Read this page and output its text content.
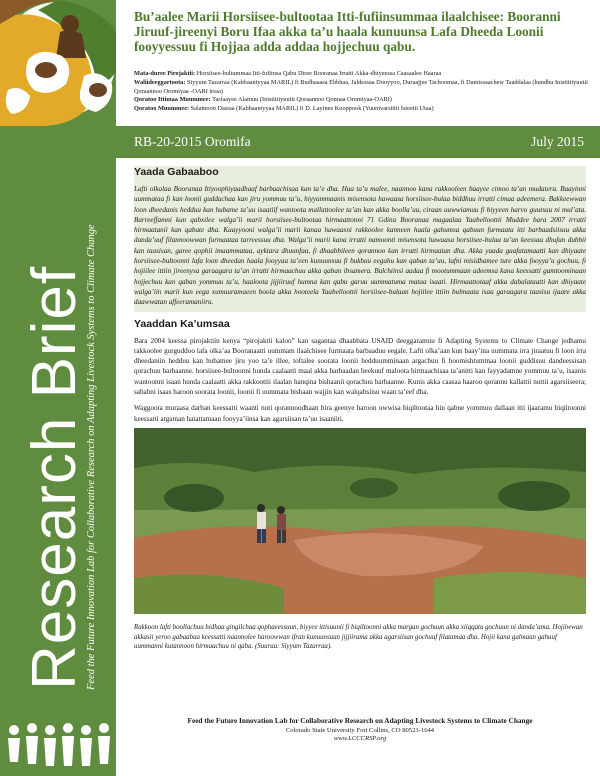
Research Brief
Feed the Future Innovation Lab for Collaborative Research on Adapting Livestock Systems to Climate Change
Bu’aalee Marii Horsiisee-bultootaa Itti-fufiinsummaa ilaalchisee: Booranni Jiruuf-jireenyi Boru Ifaa akka ta’u haala kunuunsa Lafa Dheeda Loonii fooyyessuu fi Hojjaa adda addaa hojjechuu qabu.
Mata-duree Pirojaktii: Horsiisee-bultummaa Itti-fufiinsa Qabu Diree Booranaa Irratti Akka-dhiyeessa Caasaalee Haaraa
Waliideeggartoota: Siyyum Tazarraa (Kabbaaniyyaa MARIL) fi Budhaaasa Ebbhaa, Jaldessaa Dooyyoo, Duraajjee Tachoomaa, fi Damissaachew Taaddalaa (hundhu Inistitiiyuutii Qoraannoo Oromiyaa -OARI irraa)
Qoratoo Ittimaa Muummee: Tarfaayee Alamuu (Inistitiiyuutii Qoraannoo Qonnaa Oromiyaa-OARI)
Qoratoo Muummee: Salamoon Dastaa (Kabbaaniyyaa MARIL) fi D. Layinee Kooppook (Yuunivarsiitii Isteetii Utaa)
RB-20-2015 Oromifa	July 2015
Yaada Gabaaboo

Lafti olkalaa Booranaa Itiyoophiyaadhaaf barbaachisaa kan ta’e dha. Haa ta’u malee, naannoo kana rakkooleen baayee cimoo ta’an mudatera. Baayinni uummataa fi kan loonii guddachaa kan jiru yommuu ta’u, hiyyummaanis misensota hawaasa horsiisee-bulaa biddhuu irratti cimaa adeemera. Bakkeewwan loon dheedanis hedduu kan hubame ta’uu isaatiif wantoota mallattoolee ta’an kan akka boolla’uu, ciraan uuwwiamuu fi biyyeen harvo guutsuu ni mul’ata. Barreeffamni kun qabxilee walga’ii marii horsiisee-bultootaa hirmaattonni 71 Gdina Booranaa magaalaa Yaabelloottii Muddee bara 2007 irratti hirmaatanii kan qabate dha. Kaayyooni walga’ii marii kanaa hawaasni rakkoolee kanneen haala gahumsa qabuun furmaata itti barbaadsiisuu akka danda’uuf filannoowwan furmaataa tarreessuu dha. Walga’ii marii kana irratti namoonti misensota hawaasa horsiisee-bulaa ta’an keessaa dhufan dubbii kan taasisan, garee qophii imaammataa, ayktara dhuunfaa, fi dhaabbileen qorannoo kan irratti hirmaatan dha. Akka yaada gaafatamaatti kan dhiyaate horsiisee-bultoonni lafa loon dheedan haala fooyyaa ta’een kunuunsuu fi bukbuu eegahu kan qaban ta’uu, lafni misidhamee ture akka fooyya’u gochuu, fi hojiilee ittiin jireenysa garaagara ta’an irratti hirmaachuu akka qaban ibsamera. Bulchiinsi aadaa fi mootummaan adeemsa kana keessatti gamtoominaan hojjechuu kan qaban yommuu ta’u, haaloota jijjiiruuf humna kan qabu garuu uummatuma mataa isaati. Hirmaattotaaf akka dabalataatti kan dhiyaate walga’iin marii kun eega xumuuramaeen boola akka hooteela Yaabelloottii horsiisee-bulaan hojiilee ittiin bulmaata isaa garaagara taasisu ijaare akka daawwatan affeeramaniiru.

Yaaddan Ka’umsaa

Bara 2004 keessa pirojaktiin kenya “pirojaktii kaloo” kan sagantaa dhaabbata USAID deeggaramuu fi Adapting Systems to Climate Change jedhamu rakkoolee gurguddoo lafa olka’aa Booranaatti uummam ilaalchisee furmaata barbaaduu eegale. Lafti olka’aan kun baay’ina uummata irra jiraatuu fi loon irra dheedaniin hedduu kan hubamee jiru yoo ta’e illee, toftalee soorata loonii hedduumminaan argachuu fi hoomishtummaa loonii guddisuu dandeessisan qorachuu barbaanne. horsiisee-bultoonni hunda caalaatti maal akka barbaadan beekuuf maloota hirmaachisaa ta’anitti kan fayyadamne yommuu ta’u, isaanis wantoonni isaan hunda caalaatti akka rakkoottii ilaalan hanqina bishaanii qorachuu barbaanne. Kunis akka caasaa haaroo qorannu kallattii nuttii agarsiiseera; sababni isaas haroon soorata loonii, loonii fi uummata bishaan wajjin kan walqabsiisu waan ta’eef dha.

Waggoota muraasa darban keessatti waanti nuti qorannoodhaan bira geenye haroon uwwisa biqiltootaa hin qabne yommuu dallaan itti ijaaramu biqiltoonni keessatti argaman hatattamaan fooyya’iinsa kan agarsiisan ta’uu isaaniiti.

Rakkoon lafti boollachuu hidhaa gingilchaa qophaeessuun, biyyee ittisuunii fi biqiltoonni akka margan gochuun akka xiiqqatu gochuun ni danda’ama. Hojiiwwan akkasii yeroo gabaabaa keessatti naannolee haroowwan ifran kunuunsuun jijjiirama akka agarsiisan gochuuf filatamaa dha. Hojii kana galmaan gahuuf uummanni kutannoon hirmaachuu ni qaba. (Suuraa: Siyyum Tazarraa).

Feed the Future Innovation Lab for Collaborative Research on Adapting Livestock Systems to Climate Change
Colorado State University Fort Collins, CO 80523-1644
www.LCCCRSP.org
